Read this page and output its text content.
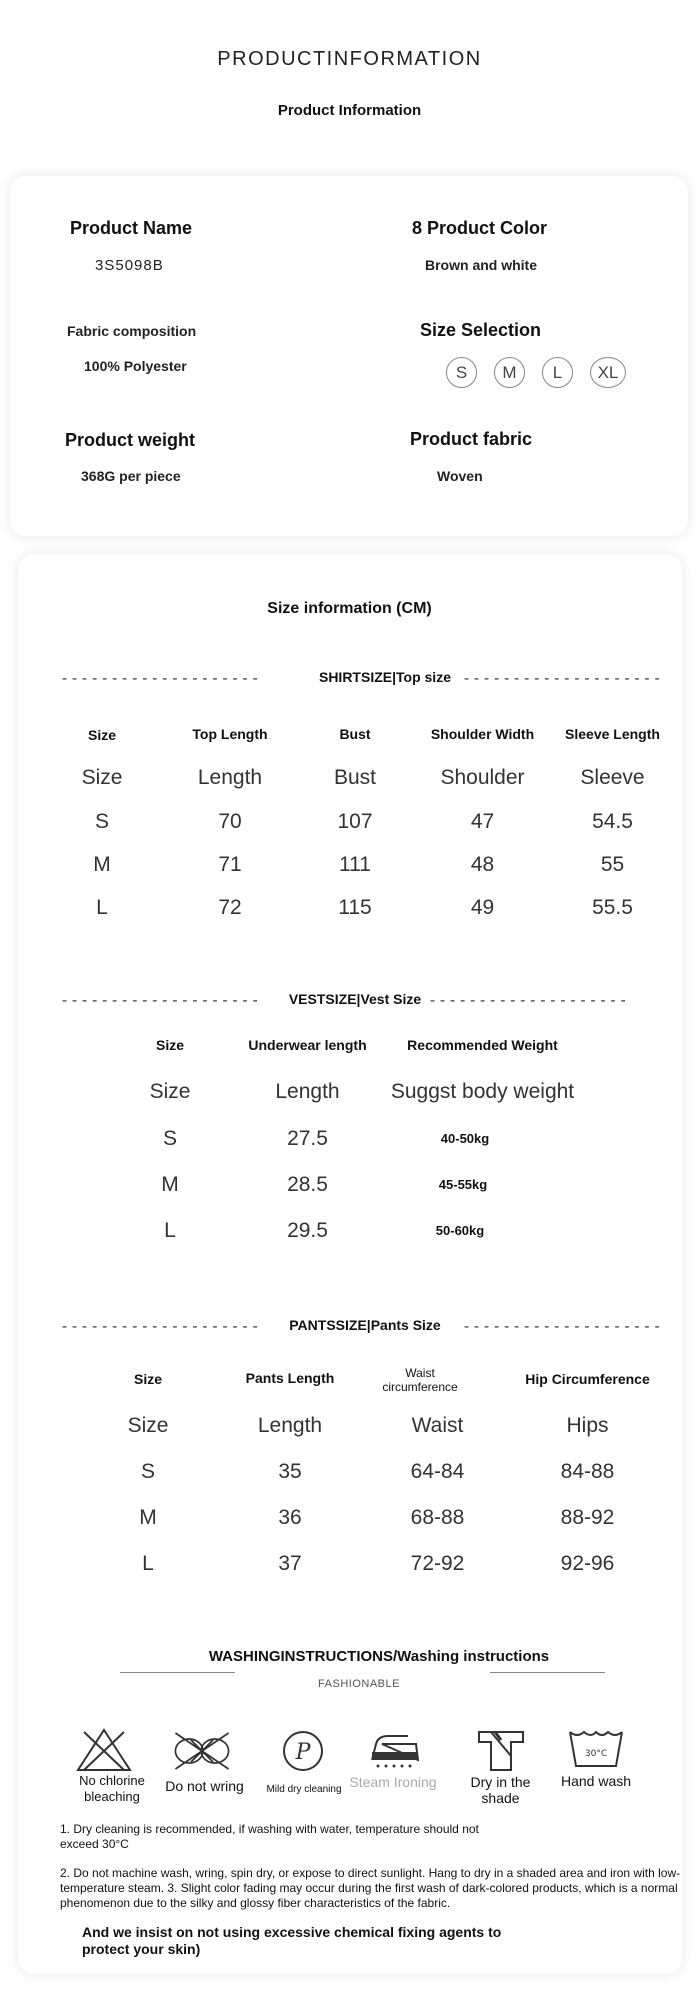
PRODUCTINFORMATION
Product Information
Product Name
3S5098B
8 Product Color
Brown and white
Fabric composition
100% Polyester
Size Selection
S	M	L	XL
Product weight
368G per piece
Product fabric
Woven
Size information (CM)
--------------------	SHIRTSIZE|Top size --------------------
Size	Top Length	Bust	Shoulder Width	Sleeve Length
Size	Length	Bust	Shoulder	Sleeve
S	70	107	47	54.5
M	71	111	48	55
L	72	115	49	55.5
--------------------	VESTSIZE|Vest Size --------------------
Size	Underwear length	Recommended Weight
Size	Length	Suggst body weight
S	27.5	40-50kg
M	28.5	45-55kg
L	29.5	50-60kg
--------------------	PANTSSIZE|Pants Size	--------------------
Size	Pants Length	Waist circumference	Hip Circumference
Size	Length	Waist	Hips
S	35	64-84	84-88
M	36	68-88	88-92
L	37	72-92	92-96
WASHINGINSTRUCTIONS/Washing instructions
FASHIONABLE
No chlorine bleaching
Do not wring
P
Mild dry cleaning Steam Ironing	Dry in the shade
30°C
Hand wash
1. Dry cleaning is recommended, if washing with water, temperature should not exceed 30°C
2. Do not machine wash, wring, spin dry, or expose to direct sunlight. Hang to dry in a shaded area and iron with low-temperature steam. 3. Slight color fading may occur during the first wash of dark-colored products, which is a normal phenomenon due to the silky and glossy fiber characteristics of the fabric.
And we insist on not using excessive chemical fixing agents to protect your skin)
